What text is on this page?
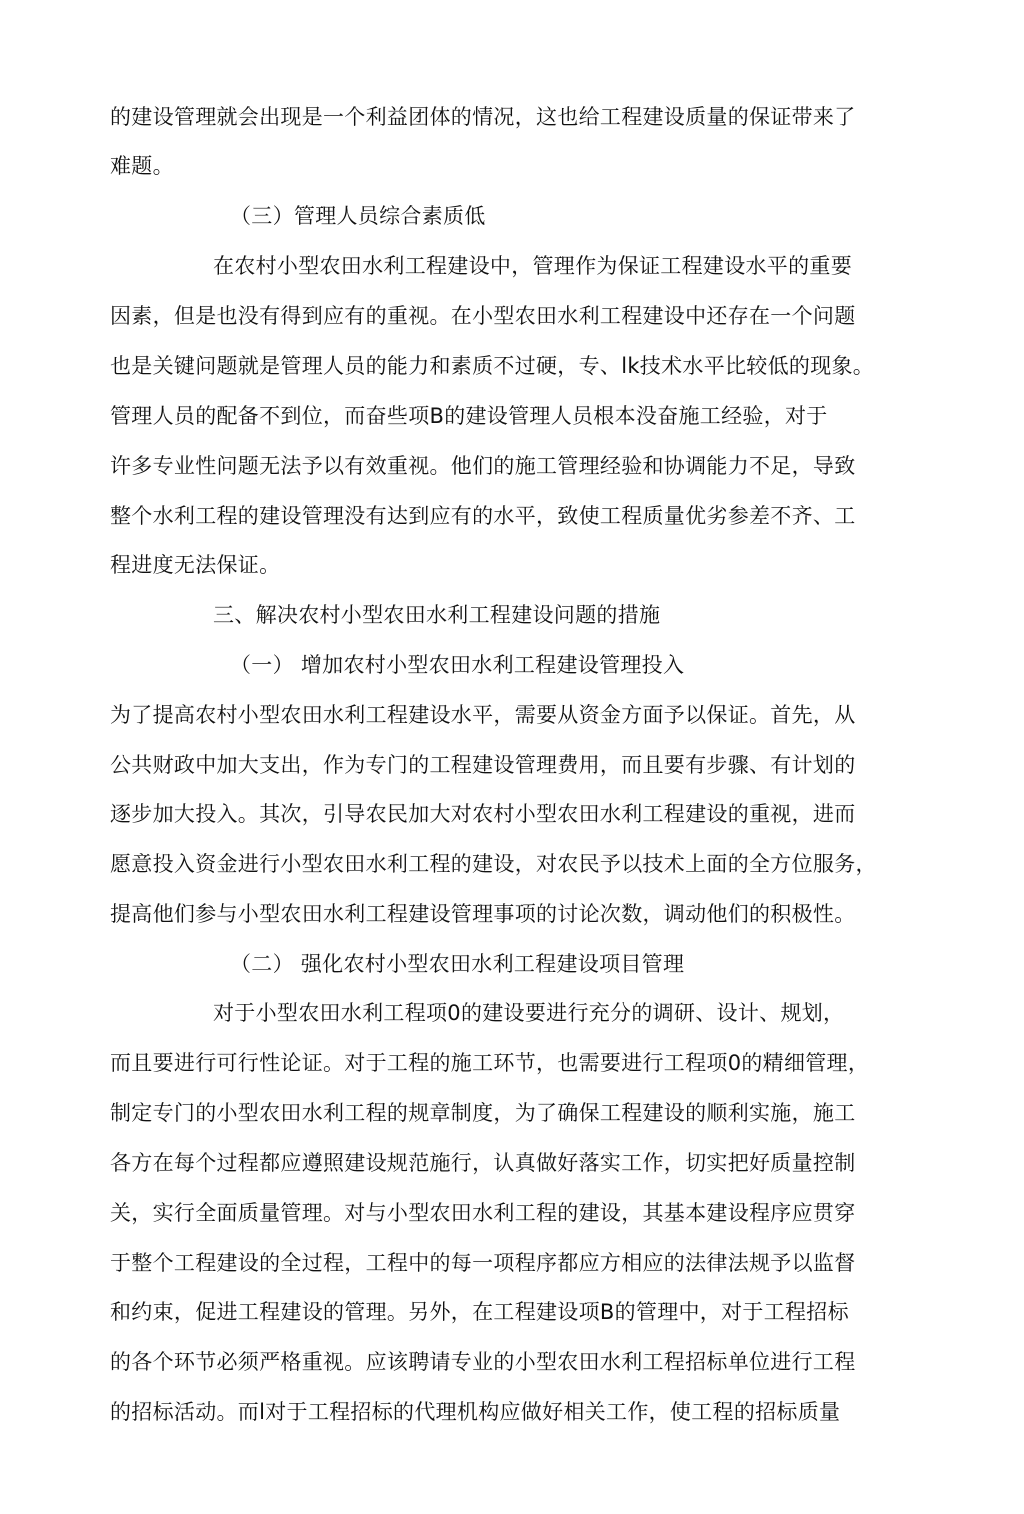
的建设管理就会出现是一个利益团体的情况，这也给工程建设质量的保证带来了
难题。
（三）管理人员综合素质低
在农村小型农田水利工程建设中，管理作为保证工程建设水平的重要
因素，但是也没有得到应有的重视。在小型农田水利工程建设中还存在一个问题
也是关键问题就是管理人员的能力和素质不过硬，专、lk技术水平比较低的现象。
管理人员的配备不到位，而奋些项B的建设管理人员根本没奋施工经验，对于
许多专业性问题无法予以有效重视。他们的施工管理经验和协调能力不足，导致
整个水利工程的建设管理没有达到应有的水平，致使工程质量优劣参差不齐、工
程进度无法保证。
三、解决农村小型农田水利工程建设问题的措施
（一） 增加农村小型农田水利工程建设管理投入
为了提高农村小型农田水利工程建设水平，需要从资金方面予以保证。首先，从
公共财政中加大支出，作为专门的工程建设管理费用，而且要有步骤、有计划的
逐步加大投入。其次，引导农民加大对农村小型农田水利工程建设的重视，进而
愿意投入资金进行小型农田水利工程的建设，对农民予以技术上面的全方位服务，
提高他们参与小型农田水利工程建设管理事项的讨论次数，调动他们的积极性。
（二） 强化农村小型农田水利工程建设项目管理
对于小型农田水利工程项0的建设要进行充分的调研、设计、规划，
而且要进行可行性论证。对于工程的施工环节，也需要进行工程项0的精细管理，
制定专门的小型农田水利工程的规章制度，为了确保工程建设的顺利实施，施工
各方在每个过程都应遵照建设规范施行，认真做好落实工作，切实把好质量控制
关，实行全面质量管理。对与小型农田水利工程的建设，其基本建设程序应贯穿
于整个工程建设的全过程，工程中的每一项程序都应方相应的法律法规予以监督
和约束，促进工程建设的管理。另外，在工程建设项B的管理中，对于工程招标
的各个环节必须严格重视。应该聘请专业的小型农田水利工程招标单位进行工程
的招标活动。而l对于工程招标的代理机构应做好相关工作，使工程的招标质量
